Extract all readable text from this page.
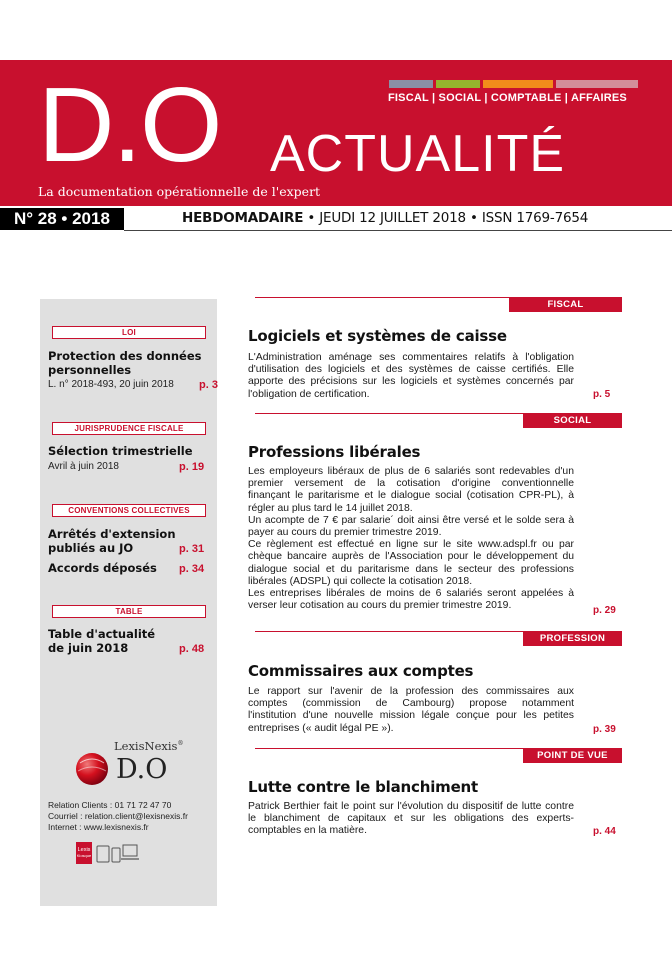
FISCAL | SOCIAL | COMPTABLE | AFFAIRES
D.O ACTUALITÉ
La documentation opérationnelle de l'expert
N° 28 • 2018	HEBDOMADAIRE • JEUDI 12 JUILLET 2018 • ISSN 1769-7654
LOI
Protection des données
personnelles
L. n° 2018-493, 20 juin 2018 p. 3
JURISPRUDENCE FISCALE
Sélection trimestrielle
Avril à juin 2018	p. 19
CONVENTIONS COLLECTIVES
Arrêtés d'extension
publiés au JO	p. 31
Accords déposés	p. 34
TABLE
Table d'actualité
de juin 2018	p. 48
LexisNexis®
D.O
Relation Clients : 01 71 72 47 70
Courriel : relation.client@lexisnexis.fr
Internet : www.lexisnexis.fr
Lexis
Kiosque
FISCAL
Logiciels et systèmes de caisse

L'Administration aménage ses commentaires relatifs à l'obligation

d'utilisation des logiciels et des systèmes de caisse certifiés. Elle

apporte des précisions sur les logiciels et systèmes concernés par

l'obligation de certification.	p. 5
SOCIAL
Professions libérales

Les employeurs libéraux de plus de 6 salariés sont redevables d'un

premier versement de la cotisation d'origine conventionnelle

finançant le paritarisme et le dialogue social (cotisation CPR-PL), à

régler au plus tard le 14 juillet 2018.

Un acompte de 7 € par salarie´ doit ainsi être versé et le solde sera à

payer au cours du premier trimestre 2019.

Ce règlement est effectué en ligne sur le site www.adspl.fr ou par

chèque bancaire auprès de l'Association pour le développement du

dialogue social et du paritarisme dans le secteur des professions

libérales (ADSPL) qui collecte la cotisation 2018.

Les entreprises libérales de moins de 6 salariés seront appelées à

verser leur cotisation au cours du premier trimestre 2019.	p. 29
PROFESSION
Commissaires aux comptes

Le rapport sur l'avenir de la profession des commissaires aux

comptes (commission de Cambourg) propose notamment

l'institution d'une nouvelle mission légale conçue pour les petites

entreprises (« audit légal PE »).	p. 39
POINT DE VUE
Lutte contre le blanchiment

Patrick Berthier fait le point sur l'évolution du dispositif de lutte contre

le blanchiment de capitaux et sur les obligations des experts-

comptables en la matière.	p. 44
